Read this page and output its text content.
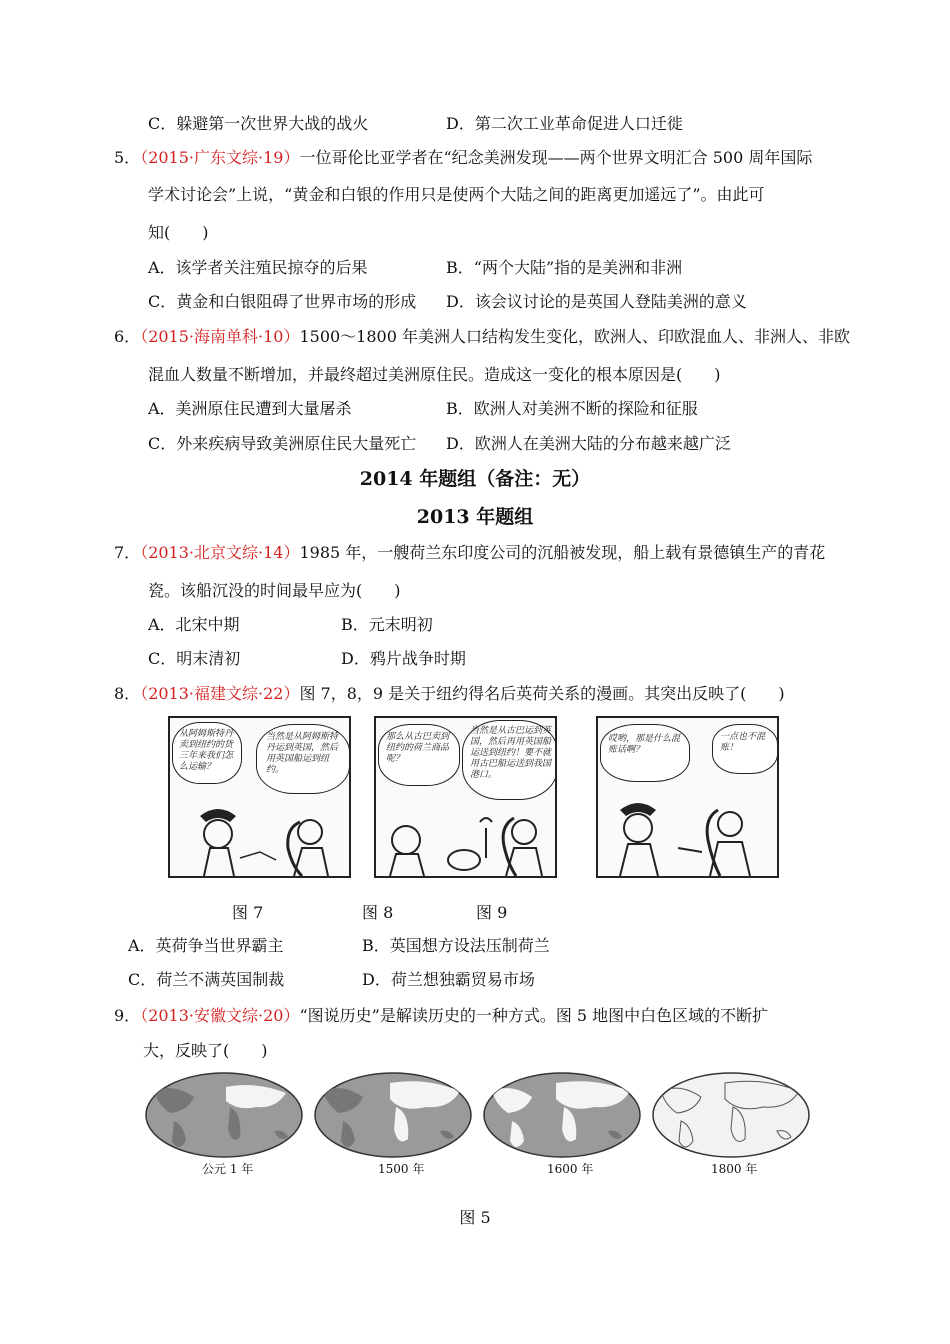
C．躲避第一次世界大战的战火	D．第二次工业革命促进人口迁徙
5．（2015·广东文综·19）一位哥伦比亚学者在“纪念美洲发现——两个世界文明汇合 500 周年国际
学术讨论会”上说，“黄金和白银的作用只是使两个大陆之间的距离更加遥远了”。由此可
知(　　)
A．该学者关注殖民掠夺的后果	B．“两个大陆”指的是美洲和非洲
C．黄金和白银阻碍了世界市场的形成 D．该会议讨论的是英国人登陆美洲的意义
6．（2015·海南单科·10）1500～1800 年美洲人口结构发生变化，欧洲人、印欧混血人、非洲人、非欧
混血人数量不断增加，并最终超过美洲原住民。造成这一变化的根本原因是(　　)
A．美洲原住民遭到大量屠杀	B．欧洲人对美洲不断的探险和征服
C．外来疾病导致美洲原住民大量死亡 D．欧洲人在美洲大陆的分布越来越广泛
2014 年题组（备注：无）
2013 年题组
7．（2013·北京文综·14）1985 年，一艘荷兰东印度公司的沉船被发现，船上载有景德镇生产的青花
瓷。该船沉没的时间最早应为(　　)
A．北宋中期	B．元末明初
C．明末清初	D．鸦片战争时期
8．（2013·福建文综·22）图 7，8，9 是关于纽约得名后英荷关系的漫画。其突出反映了(　　)
从阿姆斯特丹卖到纽约的货三年来我们怎么运输？
当然是从阿姆斯特丹运到英国，然后用英国船运到纽约。
那么从古巴卖到纽约的荷兰商品呢？
当然是从古巴运到英国，然后再用英国船运送到纽约！要不就用古巴船运送到我国港口。
哎哟，那是什么混账话啊？
一点也不混账！
图 7	图 8	图 9
A．英荷争当世界霸主	B．英国想方设法压制荷兰
C．荷兰不满英国制裁	D．荷兰想独霸贸易市场
9．（2013·安徽文综·20）“图说历史”是解读历史的一种方式。图 5 地图中白色区域的不断扩
大，反映了(　　)
公元 1 年	1500 年	1600 年	1800 年
图 5
